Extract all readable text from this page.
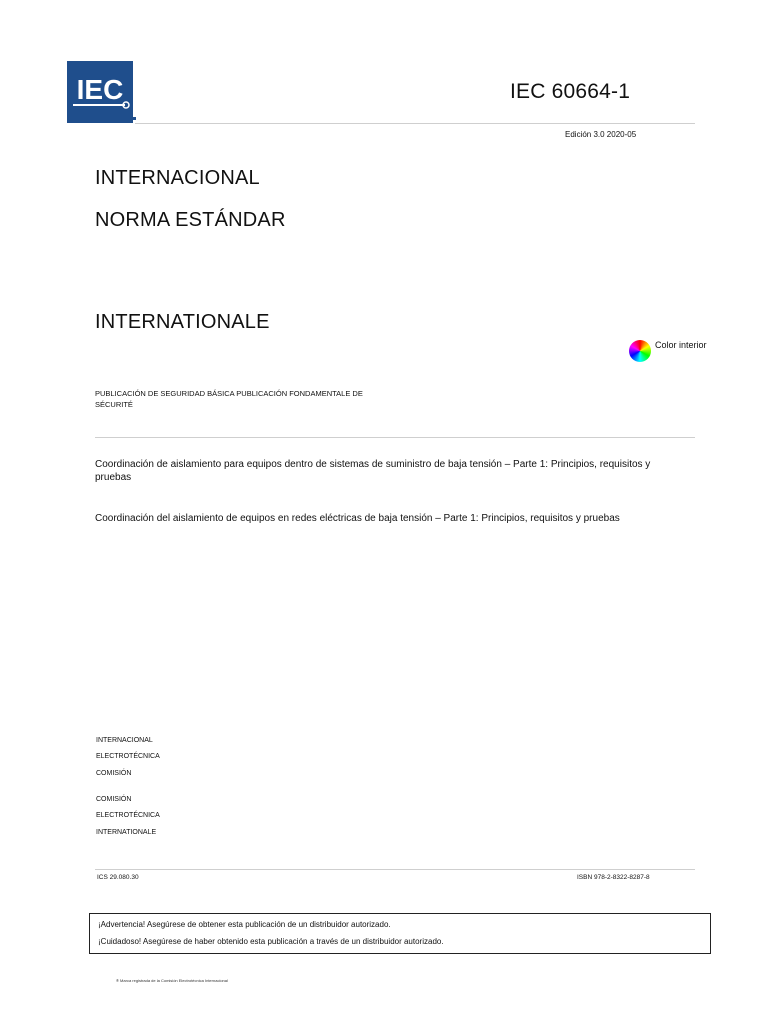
IEC	IEC 60664-1
Edición 3.0 2020-05
INTERNACIONAL
NORMA ESTÁNDAR
INTERNATIONALE
Color interior
PUBLICACIÓN DE SEGURIDAD BÁSICA PUBLICACIÓN FONDAMENTALE DE SÉCURITÉ
Coordinación de aislamiento para equipos dentro de sistemas de suministro de baja tensión – Parte 1: Principios, requisitos y pruebas
Coordinación del aislamiento de equipos en redes eléctricas de baja tensión – Parte 1: Principios, requisitos y pruebas
INTERNACIONAL
ELECTROTÉCNICA
COMISIÓN
COMISIÓN
ELECTROTÉCNICA
INTERNATIONALE
ICS 29.080.30	ISBN 978-2-8322-8287-8
¡Advertencia! Asegúrese de obtener esta publicación de un distribuidor autorizado.
¡Cuidadoso! Asegúrese de haber obtenido esta publicación a través de un distribuidor autorizado.
® Marca registrada de la Comisión Electrotécnica Internacional
